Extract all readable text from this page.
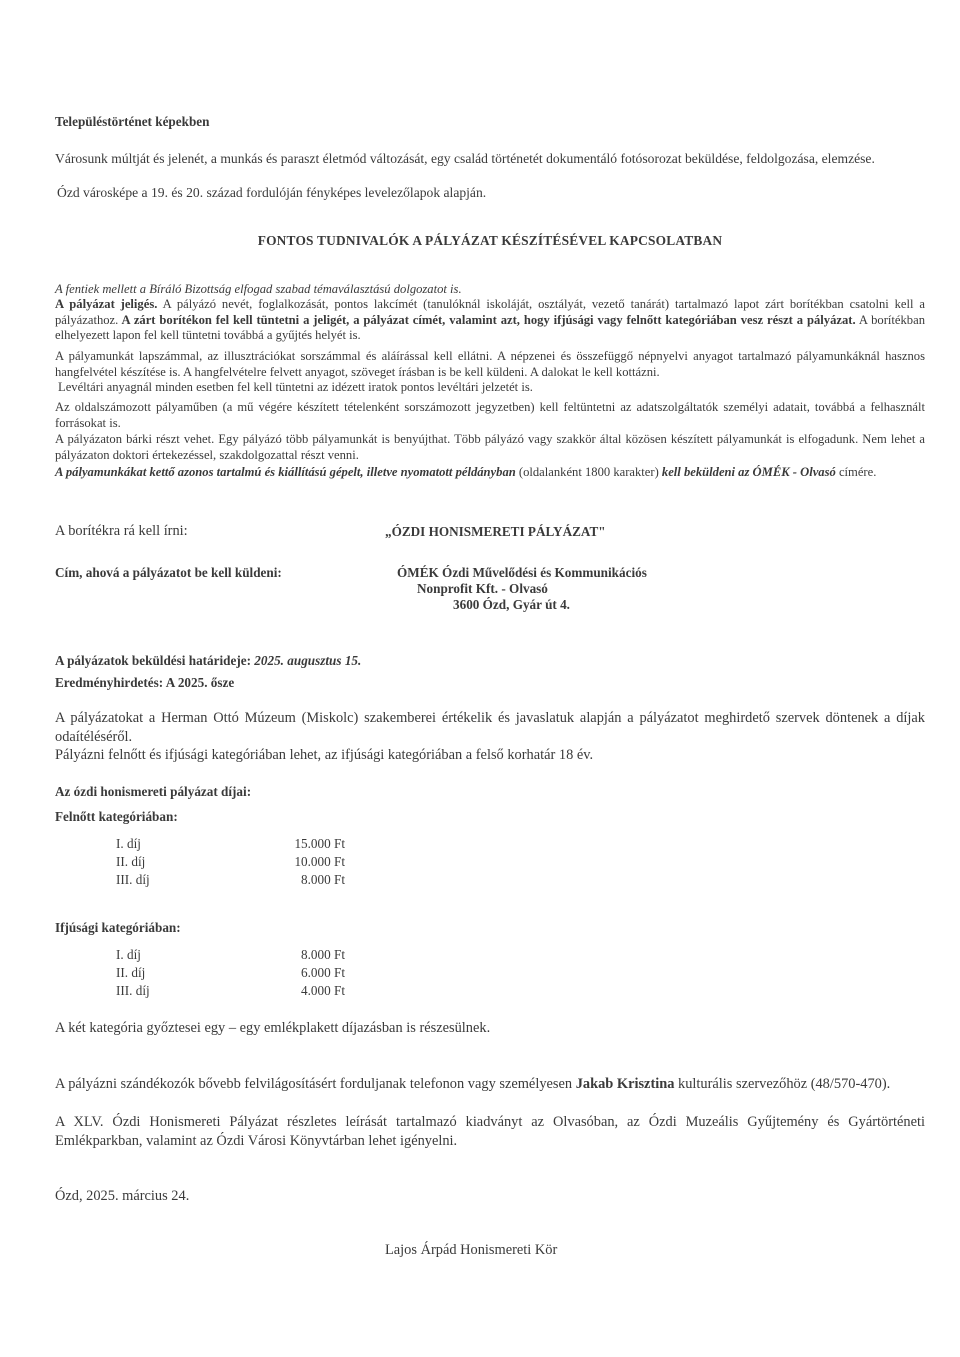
Településtörténet képekben
Városunk múltját és jelenét, a munkás és paraszt életmód változását, egy család történetét dokumentáló fotósorozat beküldése, feldolgozása, elemzése.
Ózd városképe a 19. és 20. század fordulóján fényképes levelezőlapok alapján.
FONTOS TUDNIVALÓK A PÁLYÁZAT KÉSZÍTÉSÉVEL KAPCSOLATBAN
A fentiek mellett a Bíráló Bizottság elfogad szabad témaválasztású dolgozatot is.
A pályázat jeligés. A pályázó nevét, foglalkozását, pontos lakcímét (tanulóknál iskoláját, osztályát, vezető tanárát) tartalmazó lapot zárt borítékban csatolni kell a pályázathoz. A zárt borítékon fel kell tüntetni a jeligét, a pályázat címét, valamint azt, hogy ifjúsági vagy felnőtt kategóriában vesz részt a pályázat. A borítékban elhelyezett lapon fel kell tüntetni továbbá a gyűjtés helyét is.
A pályamunkát lapszámmal, az illusztrációkat sorszámmal és aláírással kell ellátni. A népzenei és összefüggő népnyelvi anyagot tartalmazó pályamunkáknál hasznos hangfelvétel készítése is. A hangfelvételre felvett anyagot, szöveget írásban is be kell küldeni. A dalokat le kell kottázni.
Levéltári anyagnál minden esetben fel kell tüntetni az idézett iratok pontos levéltári jelzetét is.
Az oldalszámozott pályaműben (a mű végére készített tételenként sorszámozott jegyzetben) kell feltüntetni az adatszolgáltatók személyi adatait, továbbá a felhasznált forrásokat is.
A pályázaton bárki részt vehet. Egy pályázó több pályamunkát is benyújthat. Több pályázó vagy szakkör által közösen készített pályamunkát is elfogadunk. Nem lehet a pályázaton doktori értekezéssel, szakdolgozattal részt venni.
A pályamunkákat kettő azonos tartalmú és kiállítású gépelt, illetve nyomatott példányban (oldalanként 1800 karakter) kell beküldeni az ÓMÉK - Olvasó címére.
A borítékra rá kell írni:	„ÓZDI HONISMERETI PÁLYÁZAT"
Cím, ahová a pályázatot be kell küldeni:	ÓMÉK Ózdi Művelődési és Kommunikációs
Nonprofit Kft. - Olvasó
3600 Ózd, Gyár út 4.
A pályázatok beküldési határideje: 2025. augusztus 15.
Eredményhirdetés: A 2025. ősze
A pályázatokat a Herman Ottó Múzeum (Miskolc) szakemberei értékelik és javaslatuk alapján a pályázatot meghirdető szervek döntenek a díjak odaítéléséről.
Pályázni felnőtt és ifjúsági kategóriában lehet, az ifjúsági kategóriában a felső korhatár 18 év.
Az ózdi honismereti pályázat díjai:
Felnőtt kategóriában:
I. díj	15.000 Ft
II. díj	10.000 Ft
III. díj	8.000 Ft
Ifjúsági kategóriában:
I. díj	8.000 Ft
II. díj	6.000 Ft
III. díj	4.000 Ft
A két kategória győztesei egy – egy emlékplakett díjazásban is részesülnek.
A pályázni szándékozók bővebb felvilágosításért forduljanak telefonon vagy személyesen Jakab Krisztina kulturális szervezőhöz (48/570-470).
A XLV. Ózdi Honismereti Pályázat részletes leírását tartalmazó kiadványt az Olvasóban, az Ózdi Muzeális Gyűjtemény és Gyártörténeti Emlékparkban, valamint az Ózdi Városi Könyvtárban lehet igényelni.
Ózd, 2025. március 24.
Lajos Árpád Honismereti Kör
